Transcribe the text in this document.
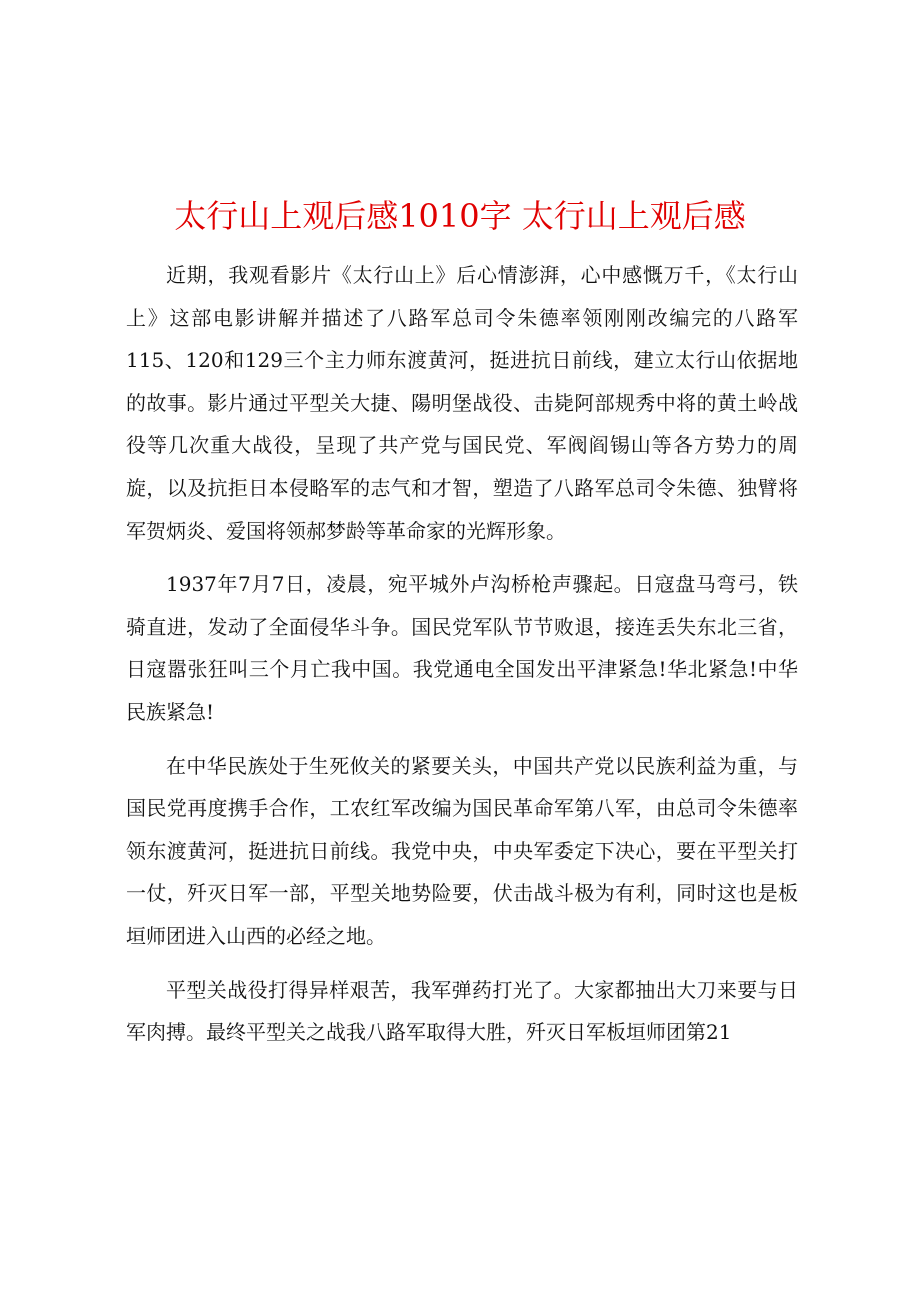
太行山上观后感1010字 太行山上观后感

近期，我观看影片《太行山上》后心情澎湃，心中感慨万千，《太行山上》这部电影讲解并描述了八路军总司令朱德率领刚刚改编完的八路军115、120和129三个主力师东渡黄河，挺进抗日前线，建立太行山依据地的故事。影片通过平型关大捷、陽明堡战役、击毙阿部规秀中将的黄土岭战役等几次重大战役，呈现了共产党与国民党、军阀阎锡山等各方势力的周旋，以及抗拒日本侵略军的志气和才智，塑造了八路军总司令朱德、独臂将军贺炳炎、爱国将领郝梦龄等革命家的光辉形象。

1937年7月7日，凌晨，宛平城外卢沟桥枪声骤起。日寇盘马弯弓，铁骑直进，发动了全面侵华斗争。国民党军队节节败退，接连丢失东北三省，日寇嚣张狂叫三个月亡我中国。我党通电全国发出平津紧急!华北紧急!中华民族紧急!

在中华民族处于生死攸关的紧要关头，中国共产党以民族利益为重，与国民党再度携手合作，工农红军改编为国民革命军第八军，由总司令朱德率领东渡黄河，挺进抗日前线。我党中央，中央军委定下决心，要在平型关打一仗，歼灭日军一部，平型关地势险要，伏击战斗极为有利，同时这也是板垣师团进入山西的必经之地。

平型关战役打得异样艰苦，我军弹药打光了。大家都抽出大刀来要与日军肉搏。最终平型关之战我八路军取得大胜，歼灭日军板垣师团第21
